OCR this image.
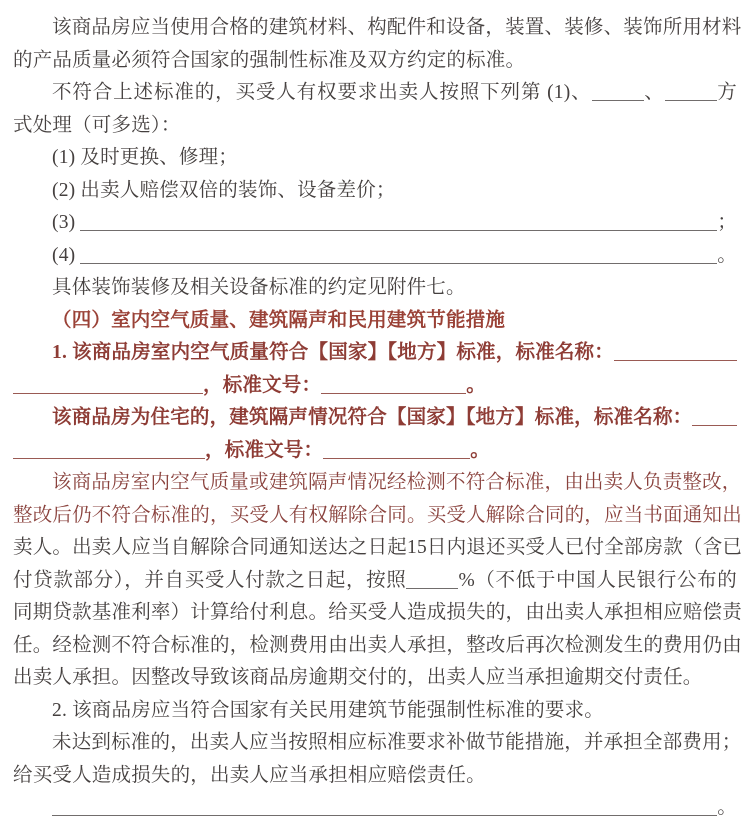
该商品房应当使用合格的建筑材料、构配件和设备，装置、装修、装饰所用材料
的产品质量必须符合国家的强制性标准及双方约定的标准。
不符合上述标准的，买受人有权要求出卖人按照下列第 (1)、	、	方
式处理（可多选）：
(1) 及时更换、修理；
(2) 出卖人赔偿双倍的装饰、设备差价；
(3)	；
(4)	。
具体装饰装修及相关设备标准的约定见附件七。
（四）室内空气质量、建筑隔声和民用建筑节能措施
1. 该商品房室内空气质量符合【国家】【地方】标准，标准名称：
，标准文号：	。
该商品房为住宅的，建筑隔声情况符合【国家】【地方】标准，标准名称：
，标准文号：	。
该商品房室内空气质量或建筑隔声情况经检测不符合标准，由出卖人负责整改，
整改后仍不符合标准的，买受人有权解除合同。买受人解除合同的，应当书面通知出
卖人。出卖人应当自解除合同通知送达之日起15日内退还买受人已付全部房款（含已
付贷款部分），并自买受人付款之日起，按照	%（不低于中国人民银行公布的
同期贷款基准利率）计算给付利息。给买受人造成损失的，由出卖人承担相应赔偿责
任。经检测不符合标准的，检测费用由出卖人承担，整改后再次检测发生的费用仍由
出卖人承担。因整改导致该商品房逾期交付的，出卖人应当承担逾期交付责任。
2. 该商品房应当符合国家有关民用建筑节能强制性标准的要求。
未达到标准的，出卖人应当按照相应标准要求补做节能措施，并承担全部费用；
给买受人造成损失的，出卖人应当承担相应赔偿责任。
。
